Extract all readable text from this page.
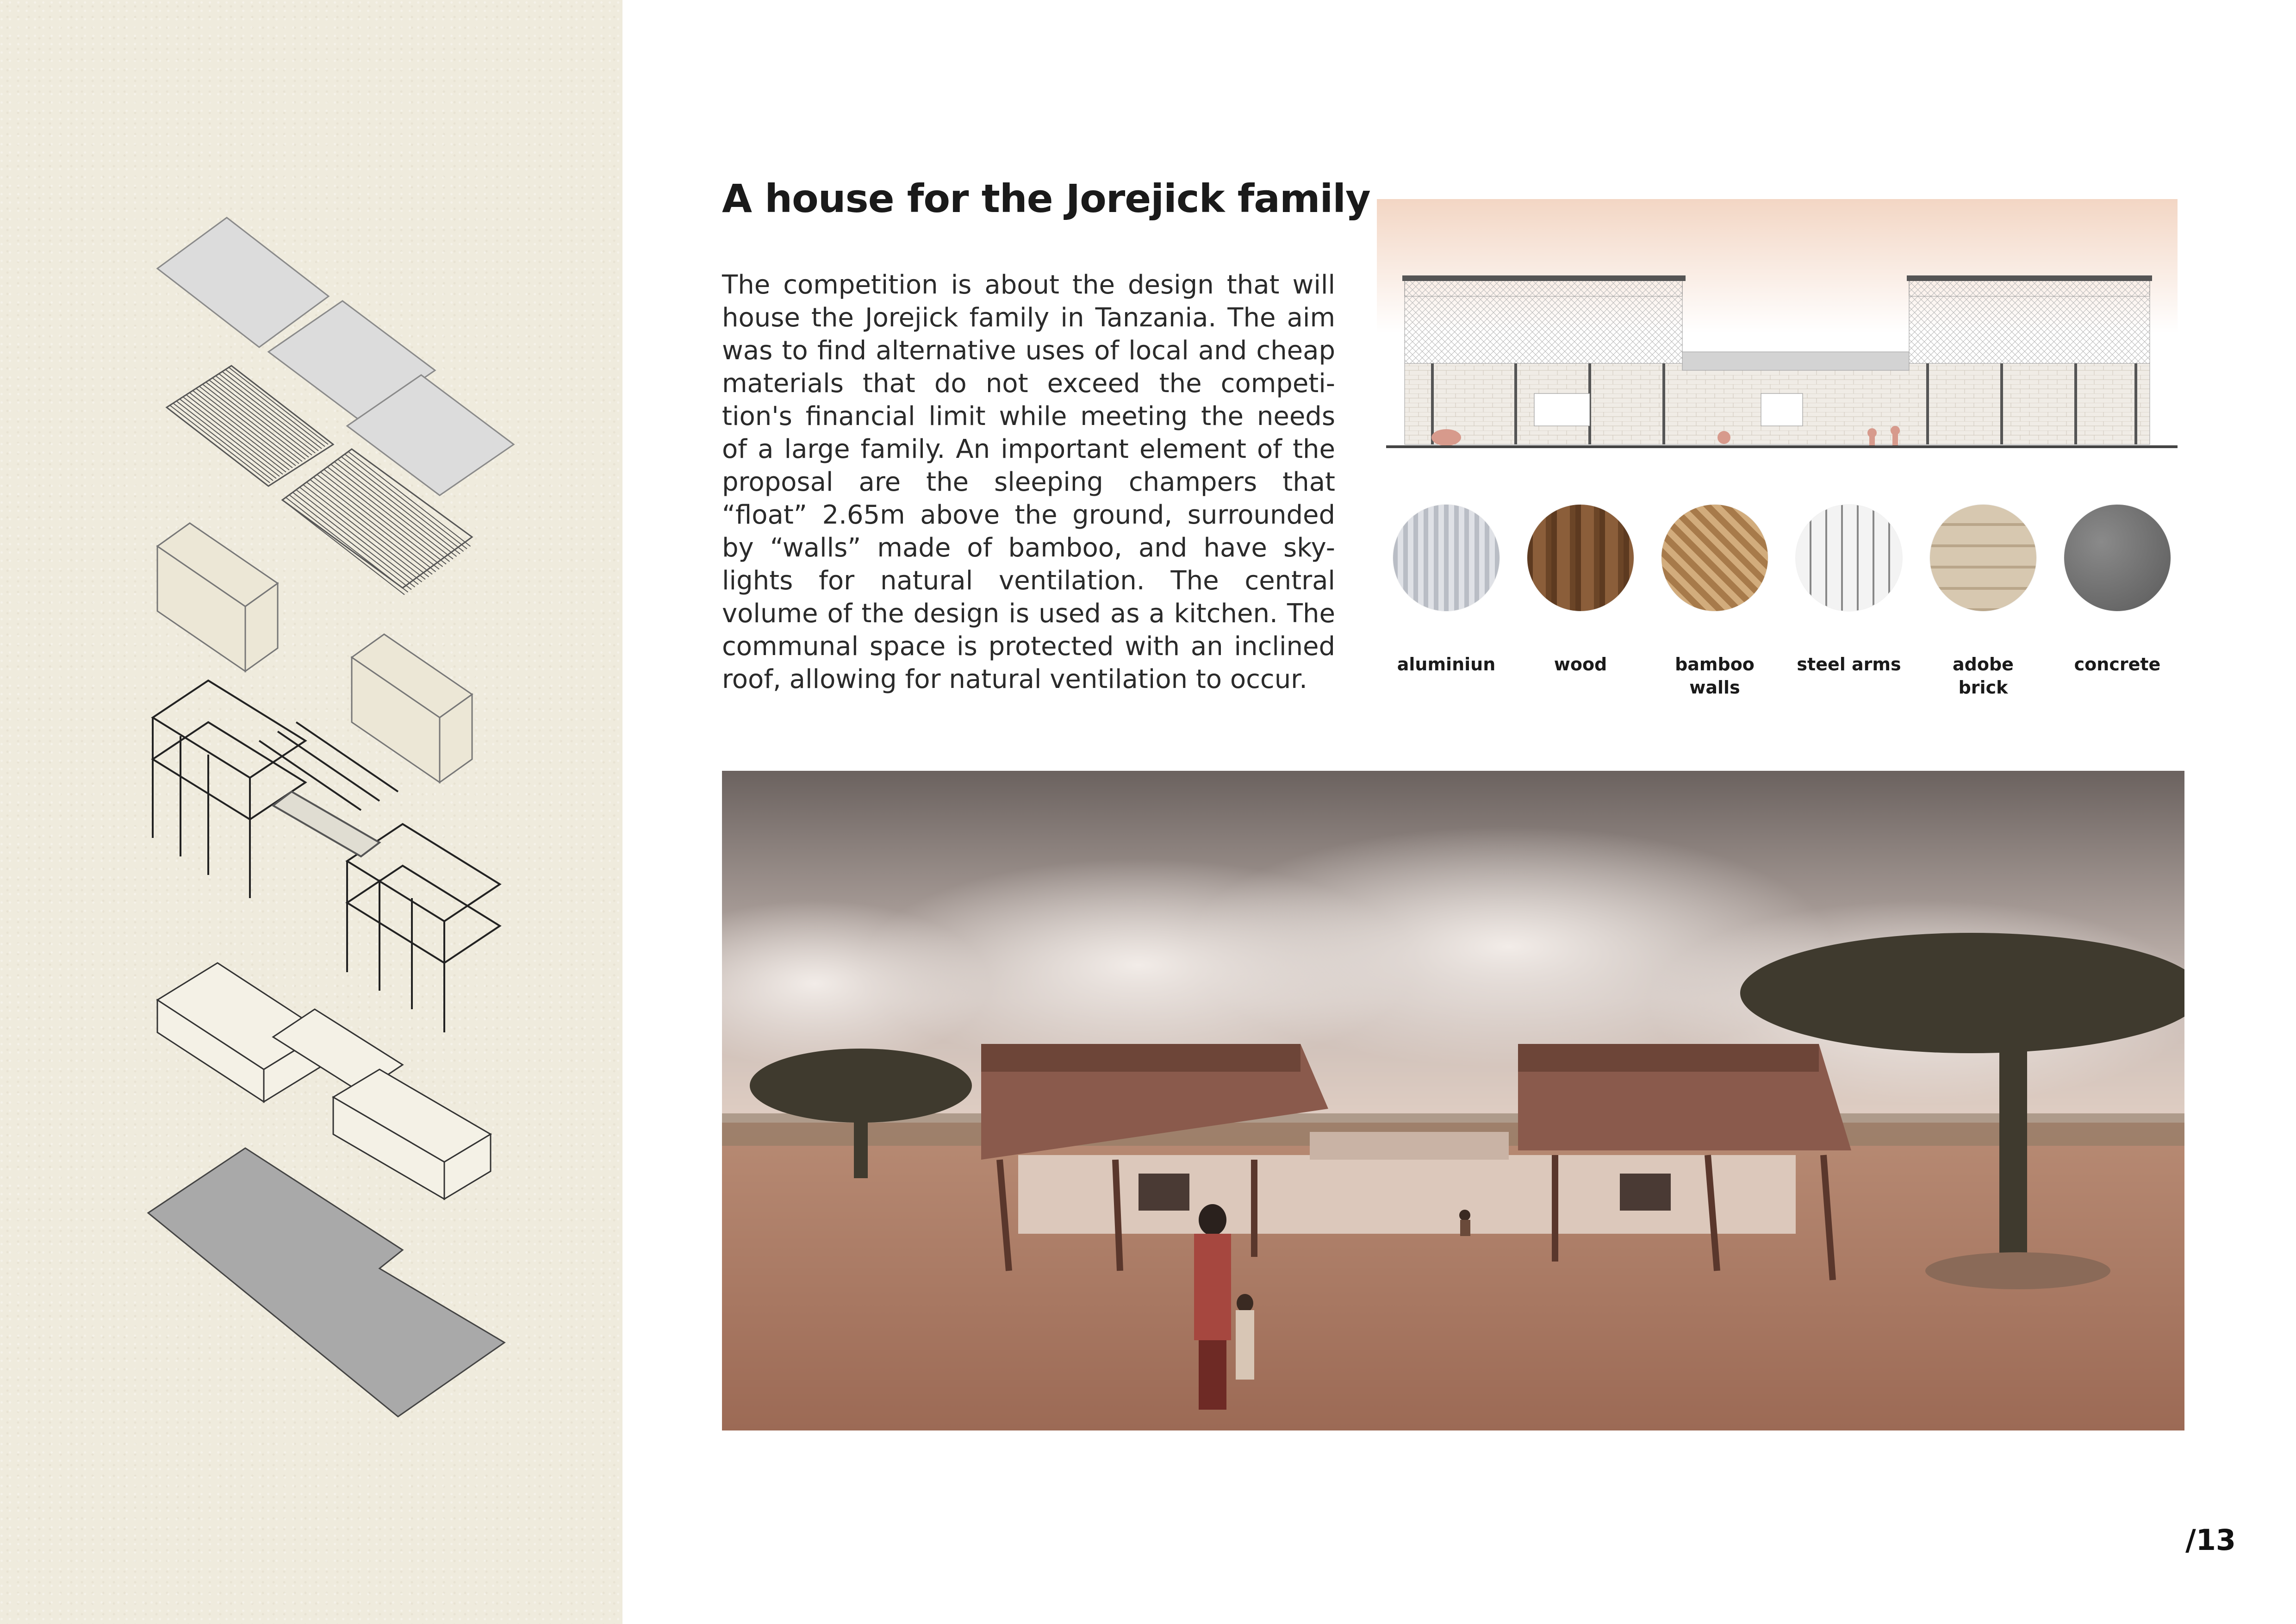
A house for the Jorejick family
The competition is about the design that will house the Jorejick family in Tanzania. The aim was to find alternative uses of local and cheap materials that do not exceed the competi- tion's financial limit while meeting the needs of a large family. An important element of the proposal are the sleeping champers that “float” 2.65m above the ground, surrounded by “walls” made of bamboo, and have sky- lights for natural ventilation. The central volume of the design is used as a kitchen. The communal space is protected with an inclined roof, allowing for natural ventilation to occur.	aluminiun	wood	bamboo
walls
steel arms	adobe
brick
concrete
/13
